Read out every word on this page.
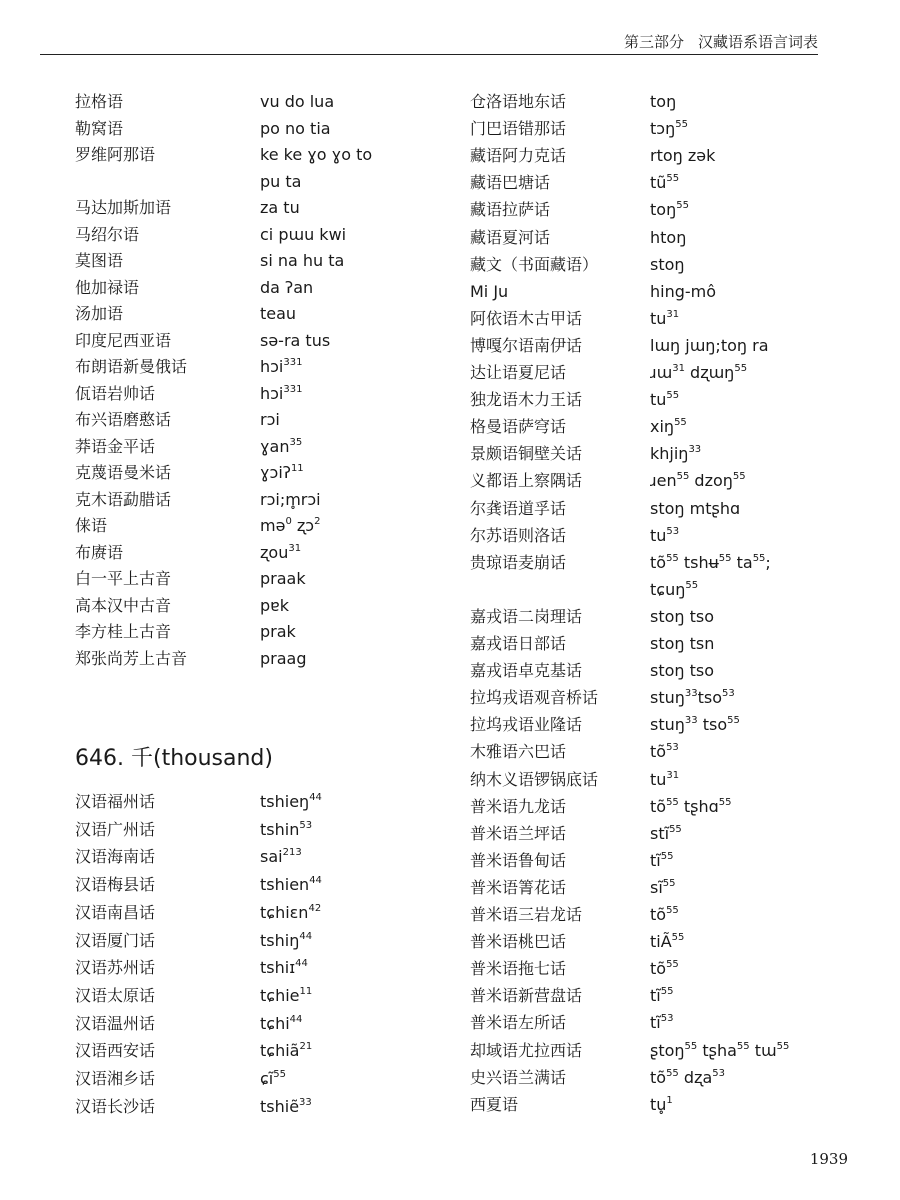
第三部分 汉藏语系语言词表
拉格语	vu do lua
勒窝语	po no tia
罗维阿那语	ke ke ɣo ɣo to
pu ta
马达加斯加语	za tu
马绍尔语	ci pɯu kwi
莫图语	si na hu ta
他加禄语	da ʔan
汤加语	teau
印度尼西亚语	sə-ra tus
布朗语新曼俄话	hɔi$^{331}$
佤语岩帅话	hɔi$^{331}$
布兴语磨憨话	rɔi
莽语金平话	ɣan$^{35}$
克蔑语曼米话	ɣɔiʔ$^{11}$
克木语勐腊话	rɔi;m̥rɔi
俫语	mə$^0$ ʐɔ$^2$
布赓语	ʐou$^{31}$
白一平上古音	praak
高本汉中古音	pɐk
李方桂上古音	prak
郑张尚芳上古音	praag
汉语福州话	tshieŋ$^{44}$
汉语广州话	tshin$^{53}$
汉语海南话	sai$^{213}$
汉语梅县话	tshien$^{44}$
汉语南昌话	tɕhiɛn$^{42}$
汉语厦门话	tshiŋ$^{44}$
汉语苏州话	tshiɪ$^{44}$
汉语太原话	tɕhie$^{11}$
汉语温州话	tɕhi$^{44}$
汉语西安话	tɕhiã$^{21}$
汉语湘乡话	ɕĩ$^{55}$
汉语长沙话	tshiẽ$^{33}$
646. 千(thousand)
仓洛语地东话	toŋ
门巴语错那话	tɔŋ$^{55}$
藏语阿力克话	rtoŋ zək
藏语巴塘话	$tũ^{55}$
藏语拉萨话	toŋ$^{55}$
藏语夏河话	htoŋ
藏文（书面藏语）	stoŋ
Mi Ju	hing-mô
阿依语木古甲话	$tu^{31}$
博嘎尔语南伊话	lɯŋ jɯŋ;toŋ ra
达让语夏尼话	ɹɯ$^{31}$ dʐɯŋ$^{55}$
独龙语木力王话	$tu^{55}$
格曼语萨穹话	xiŋ$^{55}$
景颇语铜壁关话	khjiŋ$^{33}$
义都语上察隅话	ɹen$^{55}$ dzoŋ$^{55}$
尔龚语道孚话	stoŋ mtʂhɑ
尔苏语则洛话	$tu^{53}$
贵琼语麦崩话	$tõ^{55}$ tshʉ$^{55}$ $ta^{55}$;
tɕuŋ$^{55}$
嘉戎语二岗理话	stoŋ tso
嘉戎语日部话	stoŋ tsn
嘉戎语卓克基话	stoŋ tso
拉坞戎语观音桥话	stuŋ$^{33}$tso$^{53}$
拉坞戎语业隆话	stuŋ$^{33}$ tso$^{55}$
木雅语六巴话	$tõ^{53}$
纳木义语锣锅底话	$tu^{31}$
普米语九龙话	$tõ^{55}$ tʂhɑ$^{55}$
普米语兰坪话	stĩ$^{55}$
普米语鲁甸话	$tĩ^{55}$
普米语箐花话	$sĩ^{55}$
普米语三岩龙话	$tõ^{55}$
普米语桃巴话	tiÃ$^{55}$
普米语拖七话	$tõ^{55}$
普米语新营盘话	$tĩ^{55}$
普米语左所话	$tĩ^{53}$
却域语尤拉西话	ʂtoŋ$^{55}$ tʂha$^{55}$ tɯ$^{55}$
史兴语兰满话	$tõ^{55}$ dʐa$^{53}$
西夏语	tu̥$^1$
1939
